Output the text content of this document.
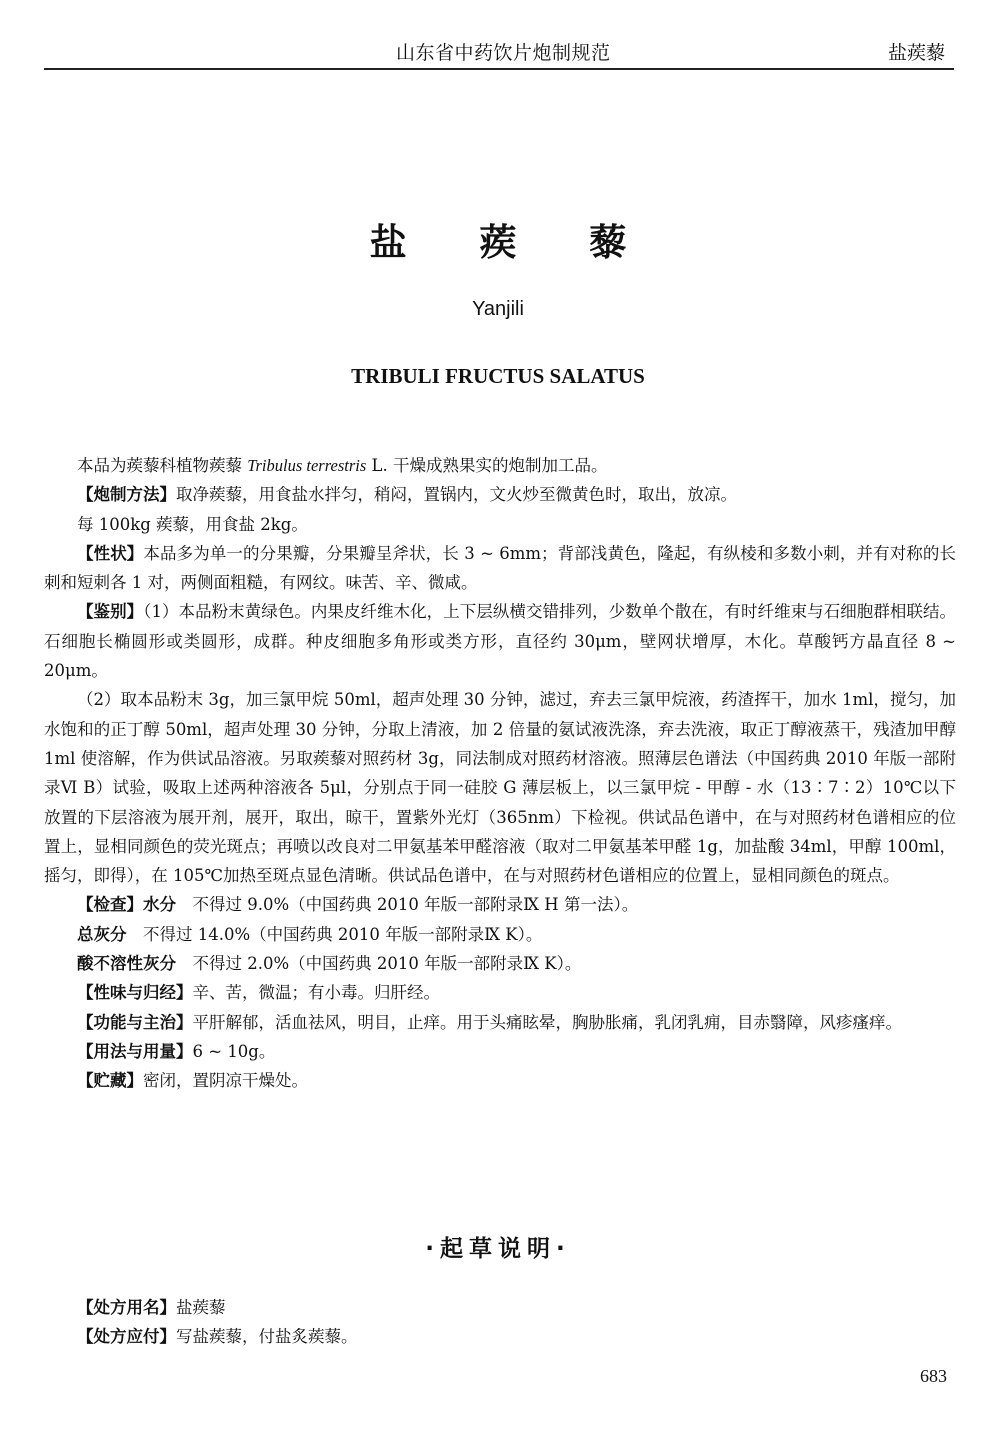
山东省中药饮片炮制规范	盐蒺藜
盐 蒺 藜
Yanjili
TRIBULI FRUCTUS SALATUS

本品为蒺藜科植物蒺藜 Tribulus terrestris L. 干燥成熟果实的炮制加工品。

【炮制方法】取净蒺藜，用食盐水拌匀，稍闷，置锅内，文火炒至微黄色时，取出，放凉。

每 100kg 蒺藜，用食盐 2kg。

【性状】本品多为单一的分果瓣，分果瓣呈斧状，长 3 ~ 6mm；背部浅黄色，隆起，有纵棱和多数小刺，并有对称的长刺和短刺各 1 对，两侧面粗糙，有网纹。味苦、辛、微咸。

【鉴别】（1）本品粉末黄绿色。内果皮纤维木化，上下层纵横交错排列，少数单个散在，有时纤维束与石细胞群相联结。石细胞长椭圆形或类圆形，成群。种皮细胞多角形或类方形，直径约 30μm，壁网状增厚，木化。草酸钙方晶直径 8 ~ 20μm。

（2）取本品粉末 3g，加三氯甲烷 50ml，超声处理 30 分钟，滤过，弃去三氯甲烷液，药渣挥干，加水 1ml，搅匀，加水饱和的正丁醇 50ml，超声处理 30 分钟，分取上清液，加 2 倍量的氨试液洗涤，弃去洗液，取正丁醇液蒸干，残渣加甲醇 1ml 使溶解，作为供试品溶液。另取蒺藜对照药材 3g，同法制成对照药材溶液。照薄层色谱法（中国药典 2010 年版一部附录Ⅵ B）试验，吸取上述两种溶液各 5μl，分别点于同一硅胶 G 薄层板上，以三氯甲烷 - 甲醇 - 水（13∶7∶2）10℃以下放置的下层溶液为展开剂，展开，取出，晾干，置紫外光灯（365nm）下检视。供试品色谱中，在与对照药材色谱相应的位置上，显相同颜色的荧光斑点；再喷以改良对二甲氨基苯甲醛溶液（取对二甲氨基苯甲醛 1g，加盐酸 34ml，甲醇 100ml，摇匀，即得），在 105℃加热至斑点显色清晰。供试品色谱中，在与对照药材色谱相应的位置上，显相同颜色的斑点。

【检查】水分　不得过 9.0%（中国药典 2010 年版一部附录Ⅸ H 第一法）。

总灰分　不得过 14.0%（中国药典 2010 年版一部附录Ⅸ K）。

酸不溶性灰分　不得过 2.0%（中国药典 2010 年版一部附录Ⅸ K）。

【性味与归经】辛、苦，微温；有小毒。归肝经。

【功能与主治】平肝解郁，活血祛风，明目，止痒。用于头痛眩晕，胸胁胀痛，乳闭乳痈，目赤翳障，风疹瘙痒。

【用法与用量】6 ~ 10g。

【贮藏】密闭，置阴凉干燥处。

·起草说明·

【处方用名】盐蒺藜

【处方应付】写盐蒺藜，付盐炙蒺藜。

683
